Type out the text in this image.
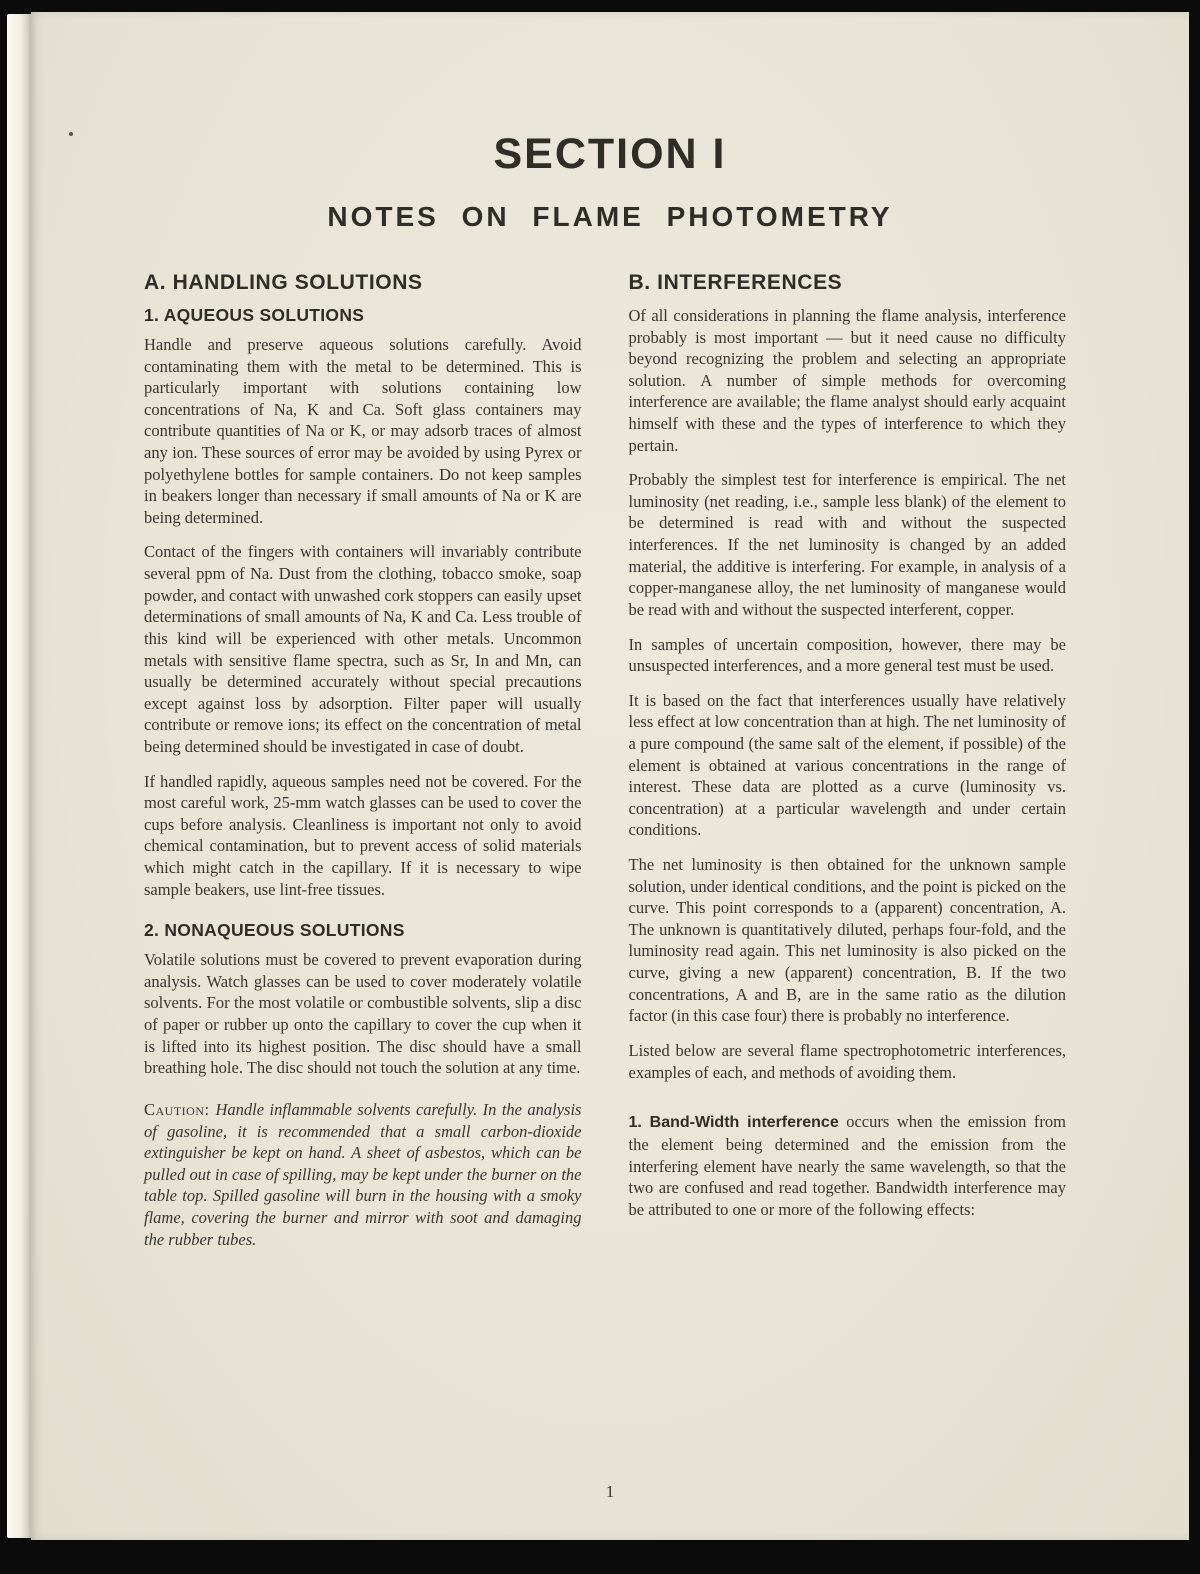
SECTION I
NOTES ON FLAME PHOTOMETRY
A. HANDLING SOLUTIONS
1. AQUEOUS SOLUTIONS

Handle and preserve aqueous solutions carefully. Avoid contaminating them with the metal to be determined. This is particularly important with solutions containing low concentrations of Na, K and Ca. Soft glass containers may contribute quantities of Na or K, or may adsorb traces of almost any ion. These sources of error may be avoided by using Pyrex or polyethylene bottles for sample containers. Do not keep samples in beakers longer than necessary if small amounts of Na or K are being determined.

Contact of the fingers with containers will invariably contribute several ppm of Na. Dust from the clothing, tobacco smoke, soap powder, and contact with unwashed cork stoppers can easily upset determinations of small amounts of Na, K and Ca. Less trouble of this kind will be experienced with other metals. Uncommon metals with sensitive flame spectra, such as Sr, In and Mn, can usually be determined accurately without special precautions except against loss by adsorption. Filter paper will usually contribute or remove ions; its effect on the concentration of metal being determined should be investigated in case of doubt.

If handled rapidly, aqueous samples need not be covered. For the most careful work, 25-mm watch glasses can be used to cover the cups before analysis. Cleanliness is important not only to avoid chemical contamination, but to prevent access of solid materials which might catch in the capillary. If it is necessary to wipe sample beakers, use lint-free tissues.

2. NONAQUEOUS SOLUTIONS

Volatile solutions must be covered to prevent evaporation during analysis. Watch glasses can be used to cover moderately volatile solvents. For the most volatile or combustible solvents, slip a disc of paper or rubber up onto the capillary to cover the cup when it is lifted into its highest position. The disc should have a small breathing hole. The disc should not touch the solution at any time.

Caution: Handle inflammable solvents carefully. In the analysis of gasoline, it is recommended that a small carbon-dioxide extinguisher be kept on hand. A sheet of asbestos, which can be pulled out in case of spilling, may be kept under the burner on the table top. Spilled gasoline will burn in the housing with a smoky flame, covering the burner and mirror with soot and damaging the rubber tubes.

B. INTERFERENCES

Of all considerations in planning the flame analysis, interference probably is most important — but it need cause no difficulty beyond recognizing the problem and selecting an appropriate solution. A number of simple methods for overcoming interference are available; the flame analyst should early acquaint himself with these and the types of interference to which they pertain.

Probably the simplest test for interference is empirical. The net luminosity (net reading, i.e., sample less blank) of the element to be determined is read with and without the suspected interferences. If the net luminosity is changed by an added material, the additive is interfering. For example, in analysis of a copper-manganese alloy, the net luminosity of manganese would be read with and without the suspected interferent, copper.

In samples of uncertain composition, however, there may be unsuspected interferences, and a more general test must be used.

It is based on the fact that interferences usually have relatively less effect at low concentration than at high. The net luminosity of a pure compound (the same salt of the element, if possible) of the element is obtained at various concentrations in the range of interest. These data are plotted as a curve (luminosity vs. concentration) at a particular wavelength and under certain conditions.

The net luminosity is then obtained for the unknown sample solution, under identical conditions, and the point is picked on the curve. This point corresponds to a (apparent) concentration, A. The unknown is quantitatively diluted, perhaps four-fold, and the luminosity read again. This net luminosity is also picked on the curve, giving a new (apparent) concentration, B. If the two concentrations, A and B, are in the same ratio as the dilution factor (in this case four) there is probably no interference.

Listed below are several flame spectrophotometric interferences, examples of each, and methods of avoiding them.

1. Band-Width interference occurs when the emission from the element being determined and the emission from the interfering element have nearly the same wavelength, so that the two are confused and read together. Bandwidth interference may be attributed to one or more of the following effects:

1
